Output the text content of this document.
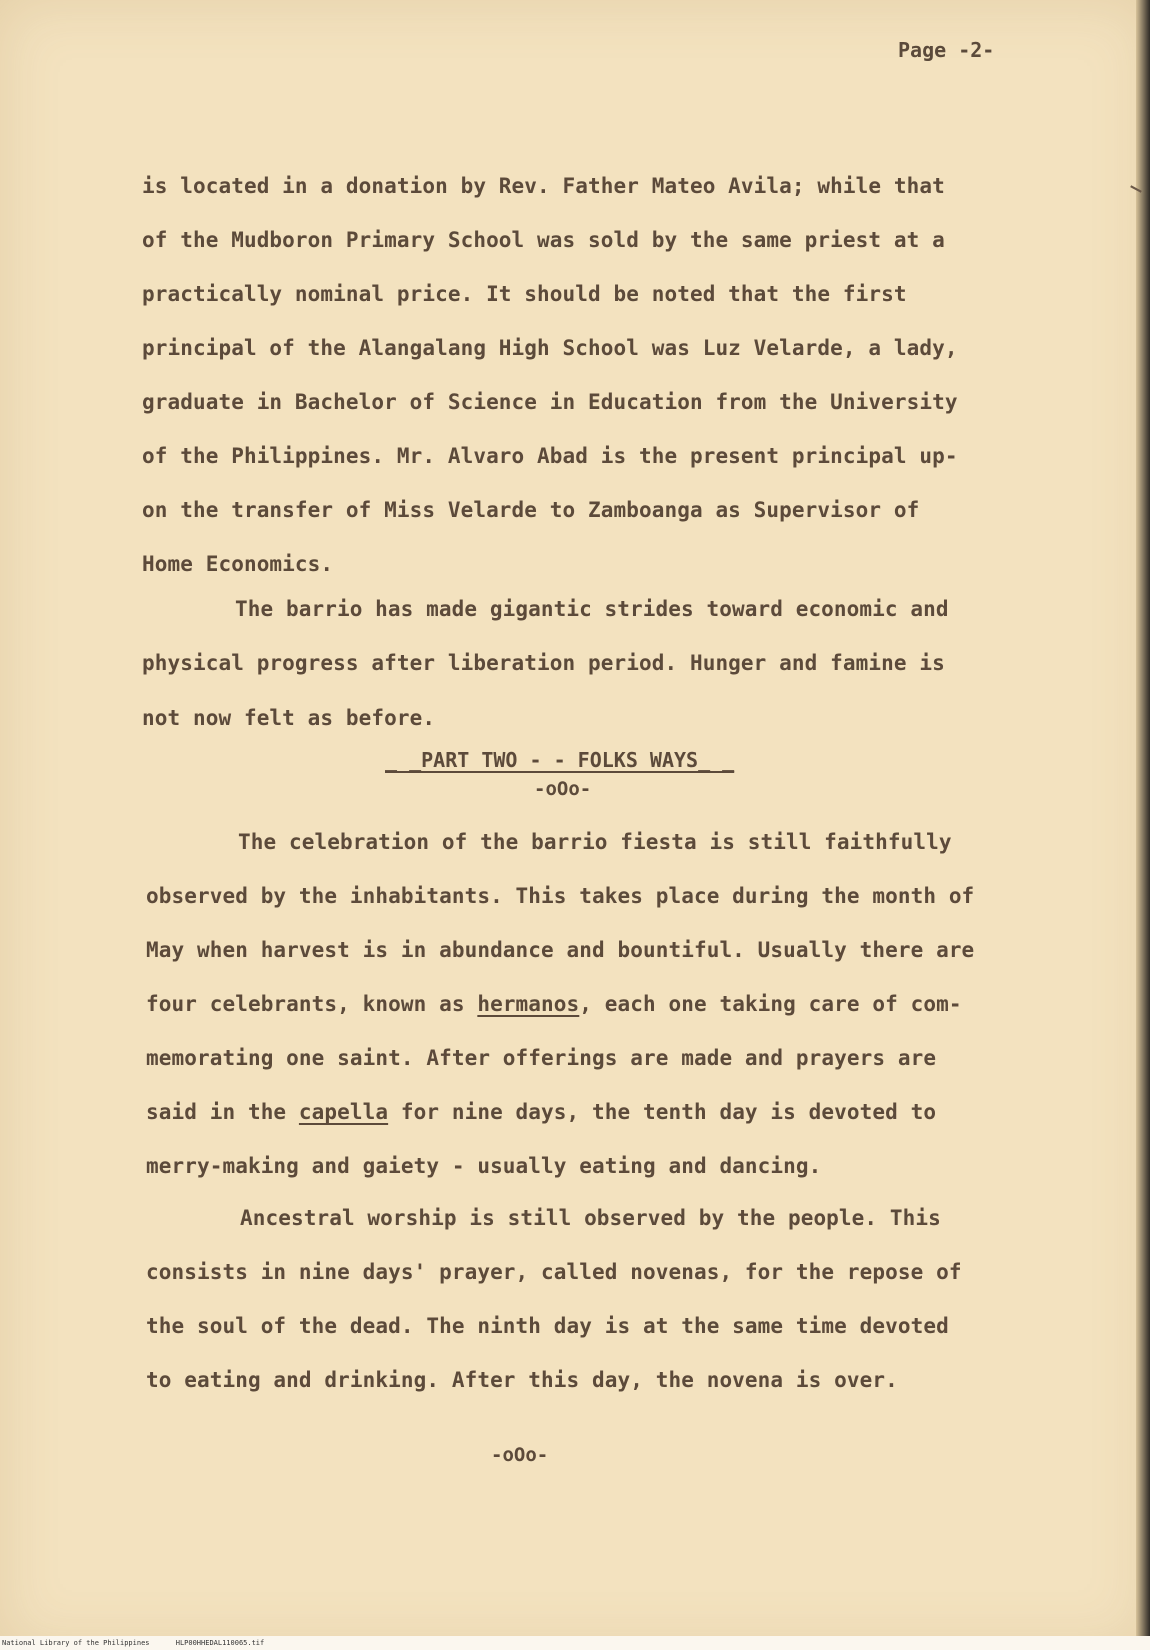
Page -2-
is located in a donation by Rev. Father Mateo Avila; while that
of the Mudboron Primary School was sold by the same priest at a
practically nominal price. It should be noted that the first
principal of the Alangalang High School was Luz Velarde, a lady,
graduate in Bachelor of Science in Education from the University
of the Philippines. Mr. Alvaro Abad is the present principal up-
on the transfer of Miss Velarde to Zamboanga as Supervisor of
Home Economics.
The barrio has made gigantic strides toward economic and
physical progress after liberation period. Hunger and famine is
not now felt as before.
_ _PART TWO - - FOLKS WAYS_ _
-oOo-
The celebration of the barrio fiesta is still faithfully
observed by the inhabitants. This takes place during the month of
May when harvest is in abundance and bountiful. Usually there are
four celebrants, known as hermanos, each one taking care of com-
memorating one saint. After offerings are made and prayers are
said in the capella for nine days, the tenth day is devoted to
merry-making and gaiety - usually eating and dancing.
Ancestral worship is still observed by the people. This
consists in nine days' prayer, called novenas, for the repose of
the soul of the dead. The ninth day is at the same time devoted
to eating and drinking. After this day, the novena is over.
-oOo-
National Library of the Philippines	HLP00HHEDAL110065.tif
